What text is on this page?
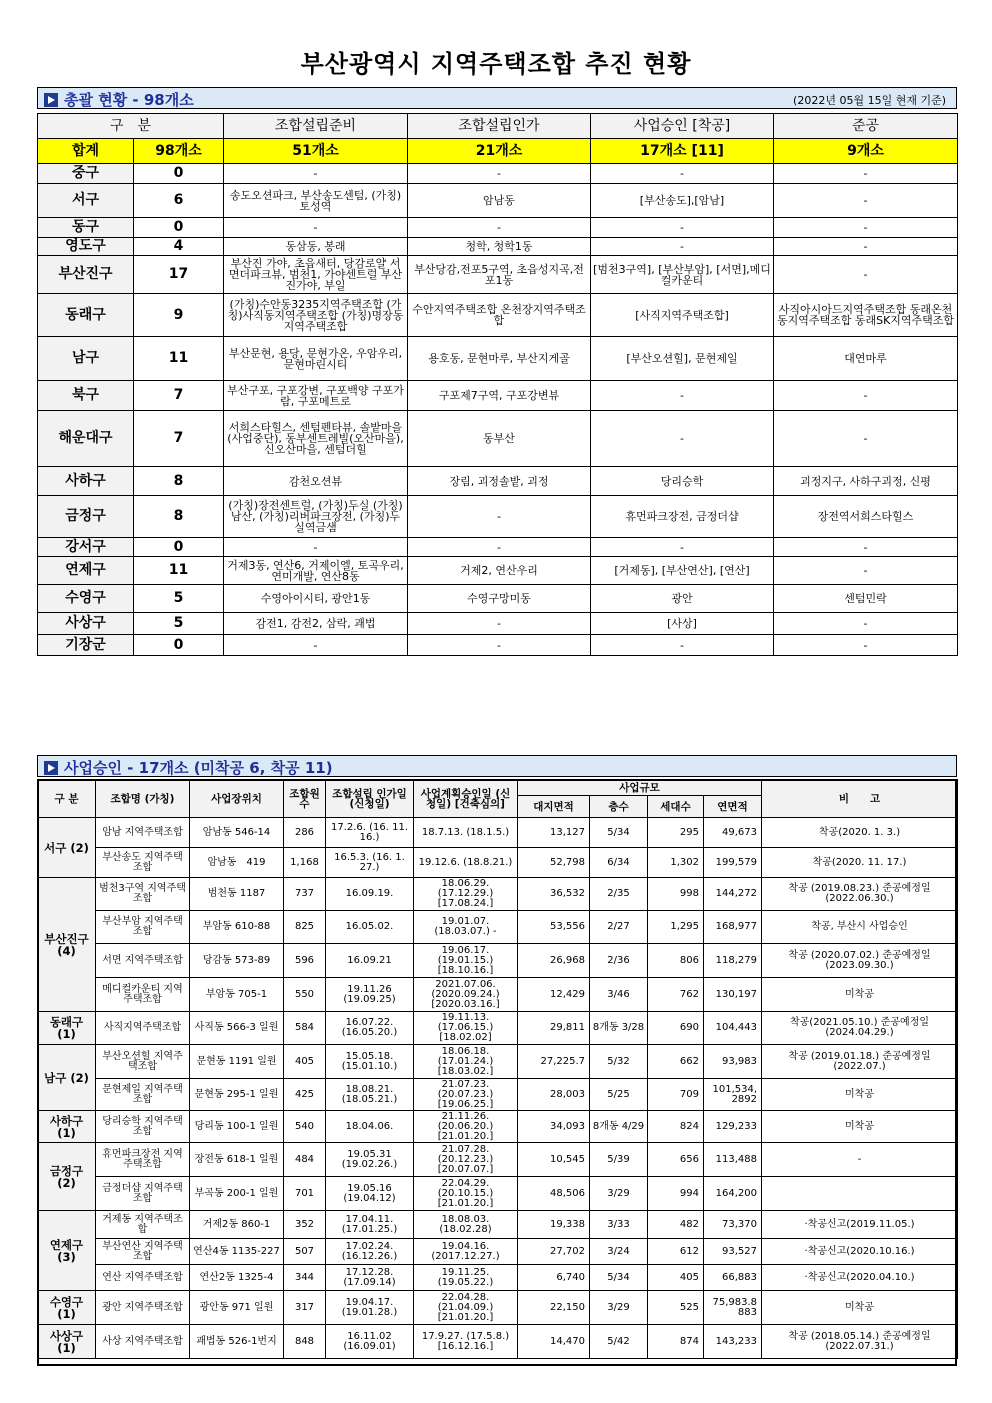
부산광역시 지역주택조합 추진 현황
총괄 현황 - 98개소	(2022년 05월 15일 현재 기준)
구　분		조합설립준비	조합설립인가	사업승인 [착공]	준공
합계	98개소	51개소	21개소	17개소 [11]	9개소
중구	0	-	-	-	-
서구	6	송도오션파크, 부산송도센텀, (가칭)토성역	암남동	[부산송도],[암남]	-
동구	0	-	-	-	-
영도구	4	동삼동, 봉래	청학, 청학1동	-	-
부산진구	17	부산진 가야, 초읍새터, 당감로얄 서면더파크뷰, 범천1, 가야센트럴 부산진가야, 부일	부산당감,전포5구역, 초읍성지곡,전포1동	[범천3구역], [부산부암], [서면],메디컬카운티	-
동래구	9	(가칭)수안동3235지역주택조합 (가칭)사직동지역주택조합 (가칭)명장동지역주택조합	수안지역주택조합 온천장지역주택조합	[사직지역주택조합]	사직아시아드지역주택조합 동래온천동지역주택조합 동래SK지역주택조합
남구	11	부산문현, 용당, 문현가온, 우암우리, 문현마린시티	용호동, 문현마루, 부산지게골	[부산오션힐], 문현제일	대연마루
북구	7	부산구포, 구포강변, 구포백양 구포가람, 구포메트로	구포제7구역, 구포강변뷰	-	-
해운대구	7	서희스타힐스, 센텀펜타뷰, 솔밭마을(사업중단), 동부센트레빌(오산마을), 신오산마을, 센텀더힐	동부산	-	-
사하구	8	감천오션뷰	장림, 괴정솔밭, 괴정	당리승학	괴정지구, 사하구괴정, 신평
금정구	8	(가칭)장전센트럴, (가칭)두실 (가칭)남산, (가칭)리버파크장전, (가칭)두실역금샘	-	휴먼파크장전, 금정더샵	장전역서희스타힐스
강서구	0	-	-	-	-
연제구	11	거제3동, 연산6, 거제이엘, 토곡우리, 연미개발, 연산8동	거제2, 연산우리	[거제동], [부산연산], [연산]	-
수영구	5	수영아이시티, 광안1동	수영구망미동	광안	센텀민락
사상구	5	감전1, 감전2, 삼락, 괘법	-	[사상]	-
기장군	0	-	-	-	-
사업승인 - 17개소 (미착공 6, 착공 11)
구 분	조합명 (가칭)	사업장위치	조합원 수	조합설립 인가일 (신청일)	사업계획승인일 (신청일) [건축심의]	사업규모				비　　고
						대지면적	층수	세대수	연면적	
서구 (2)	암남 지역주택조합	암남동 546-14	286	17.2.6. (16. 11. 16.)	18.7.13. (18.1.5.)	13,127	5/34	295	49,673	착공(2020. 1. 3.)
	부산송도 지역주택조합	암남동　419	1,168	16.5.3. (16. 1. 27.)	19.12.6. (18.8.21.)	52,798	6/34	1,302	199,579	착공(2020. 11. 17.)
부산진구 (4)	범천3구역 지역주택조합	범천동 1187	737	16.09.19.	18.06.29. (17.12.29.) [17.08.24.]	36,532	2/35	998	144,272	착공 (2019.08.23.) 준공예정일 (2022.06.30.)
	부산부암 지역주택조합	부암동 610-88	825	16.05.02.	19.01.07. (18.03.07.) -	53,556	2/27	1,295	168,977	착공, 부산시 사업승인
	서면 지역주택조합	당감동 573-89	596	16.09.21	19.06.17. (19.01.15.) [18.10.16.]	26,968	2/36	806	118,279	착공 (2020.07.02.) 준공예정일 (2023.09.30.)
	메디컬카운티 지역주택조합	부암동 705-1	550	19.11.26 (19.09.25)	2021.07.06. (2020.09.24.) [2020.03.16.]	12,429	3/46	762	130,197	미착공
동래구 (1)	사직지역주택조합	사직동 566-3 일원	584	16.07.22. (16.05.20.)	19.11.13. (17.06.15.) [18.02.02]	29,811	8개동 3/28	690	104,443	착공(2021.05.10.) 준공예정일(2024.04.29.)
남구 (2)	부산오션힐 지역주택조합	문현동 1191 일원	405	15.05.18. (15.01.10.)	18.06.18. (17.01.24.) [18.03.02.]	27,225.7	5/32	662	93,983	착공 (2019.01.18.) 준공예정일 (2022.07.)
	문현제일 지역주택조합	문현동 295-1 일원	425	18.08.21. (18.05.21.)	21.07.23. (20.07.23.) [19.06.25.]	28,003	5/25	709	101,534, 2892	미착공
사하구 (1)	당리승학 지역주택조합	당리동 100-1 일원	540	18.04.06.	21.11.26. (20.06.20.) [21.01.20.]	34,093	8개동 4/29	824	129,233	미착공
금정구 (2)	휴먼파크장전 지역주택조합	장전동 618-1 일원	484	19.05.31 (19.02.26.)	21.07.28. (20.12.23.) [20.07.07.]	10,545	5/39	656	113,488	-
	금정더샵 지역주택조합	부곡동 200-1 일원	701	19.05.16 (19.04.12)	22.04.29. (20.10.15.) [21.01.20.]	48,506	3/29	994	164,200	
연제구 (3)	거제동 지역주택조합	거제2동 860-1	352	17.04.11. (17.01.25.)	18.08.03. (18.02.28)	19,338	3/33	482	73,370	·착공신고(2019.11.05.)
	부산연산 지역주택조합	연산4동 1135-227	507	17.02.24. (16.12.26.)	19.04.16. (2017.12.27.)	27,702	3/24	612	93,527	·착공신고(2020.10.16.)
	연산 지역주택조합	연산2동 1325-4	344	17.12.28. (17.09.14)	19.11.25. (19.05.22.)	6,740	5/34	405	66,883	·착공신고(2020.04.10.)
수영구 (1)	광안 지역주택조합	광안동 971 일원	317	19.04.17. (19.01.28.)	22.04.28. (21.04.09.) [21.01.20.]	22,150	3/29	525	75,983.8 883	미착공
사상구 (1)	사상 지역주택조합	괘법동 526-1번지	848	16.11.02 (16.09.01)	17.9.27. (17.5.8.) [16.12.16.]	14,470	5/42	874	143,233	착공 (2018.05.14.) 준공예정일 (2022.07.31.)
